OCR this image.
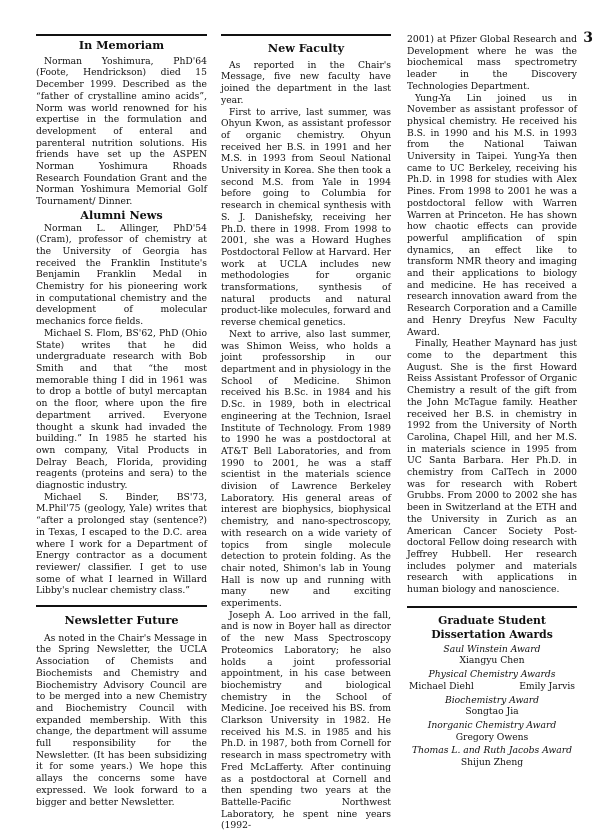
3
In Memoriam

Norman Yoshimura, PhD'64 (Foote, Hendrickson) died 15 December 1999. Described as the “father of crystalline amino acids”, Norm was world renowned for his expertise in the formulation and development of enteral and parenteral nutrition solutions. His friends have set up the ASPEN Norman Yoshimura Rhoads Research Foundation Grant and the Norman Yoshimura Memorial Golf Tournament/ Dinner.

Alumni News

Norman L. Allinger, PhD'54 (Cram), professor of chemistry at the University of Georgia has received the Franklin Institute's Benjamin Franklin Medal in Chemistry for his pioneering work in computational chemistry and the development of molecular mechanics force fields.

Michael S. Flom, BS'62, PhD (Ohio State) writes that he did undergraduate research with Bob Smith and that “the most memorable thing I did in 1961 was to drop a bottle of butyl mercaptan on the floor, where upon the fire department arrived. Everyone thought a skunk had invaded the building.” In 1985 he started his own company, Vital Products in Delray Beach, Florida, providing reagents (proteins and sera) to the diagnostic industry.

Michael S. Binder, BS'73, M.Phil'75 (geology, Yale) writes that “after a prolonged stay (sentence?) in Texas, I escaped to the D.C. area where I work for a Department of Energy contractor as a document reviewer/ classifier. I get to use some of what I learned in Willard Libby's nuclear chemistry class.”

Newsletter Future

As noted in the Chair's Message in the Spring Newsletter, the UCLA Association of Chemists and Biochemists and Chemistry and Biochemistry Advisory Council are to be merged into a new Chemistry and Biochemistry Council with expanded membership. With this change, the department will assume full responsibility for the Newsletter. (It has been subsidizing it for some years.) We hope this allays the concerns some have expressed. We look forward to a bigger and better Newsletter.

New Faculty

As reported in the Chair's Message, five new faculty have joined the department in the last year.

First to arrive, last summer, was Ohyun Kwon, as assistant professor of organic chemistry. Ohyun received her B.S. in 1991 and her M.S. in 1993 from Seoul National University in Korea. She then took a second M.S. from Yale in 1994 before going to Columbia for research in chemical synthesis with S. J. Danishefsky, receiving her Ph.D. there in 1998. From 1998 to 2001, she was a Howard Hughes Postdoctoral Fellow at Harvard. Her work at UCLA includes new methodologies for organic transformations, synthesis of natural products and natural product-like molecules, forward and reverse chemical genetics.

Next to arrive, also last summer, was Shimon Weiss, who holds a joint professorship in our department and in physiology in the School of Medicine. Shimon received his B.Sc. in 1984 and his D.Sc. in 1989, both in electrical engineering at the Technion, Israel Institute of Technology. From 1989 to 1990 he was a postdoctoral at AT&T Bell Laboratories, and from 1990 to 2001, he was a staff scientist in the materials science division of Lawrence Berkeley Laboratory. His general areas of interest are biophysics, biophysical chemistry, and nano-spectroscopy, with research on a wide variety of topics from single molecule detection to protein folding. As the chair noted, Shimon's lab in Young Hall is now up and running with many new and exciting experiments.

Joseph A. Loo arrived in the fall, and is now in Boyer hall as director of the new Mass Spectroscopy Proteomics Laboratory; he also holds a joint professorial appointment, in his case between biochemistry and biological chemistry in the School of Medicine. Joe received his BS. from Clarkson University in 1982. He received his M.S. in 1985 and his Ph.D. in 1987, both from Cornell for research in mass spectrometry with Fred McLafferty. After continuing as a postdoctoral at Cornell and then spending two years at the Battelle-Pacific Northwest Laboratory, he spent nine years (1992-

2001) at Pfizer Global Research and Development where he was the biochemical mass spectrometry leader in the Discovery Technologies Department.

Yung-Ya Lin joined us in November as assistant professor of physical chemistry. He received his B.S. in 1990 and his M.S. in 1993 from the National Taiwan University in Taipei. Yung-Ya then came to UC Berkeley, receiving his Ph.D. in 1998 for studies with Alex Pines. From 1998 to 2001 he was a postdoctoral fellow with Warren Warren at Princeton. He has shown how chaotic effects can provide powerful amplification of spin dynamics, an effect like to transform NMR theory and imaging and their applications to biology and medicine. He has received a research innovation award from the Research Corporation and a Camille and Henry Dreyfus New Faculty Award.

Finally, Heather Maynard has just come to the department this August. She is the first Howard Reiss Assistant Professor of Organic Chemistry a result of the gift from the John McTague family. Heather received her B.S. in chemistry in 1992 from the University of North Carolina, Chapel Hill, and her M.S. in materials science in 1995 from UC Santa Barbara. Her Ph.D. in chemistry from CalTech in 2000 was for research with Robert Grubbs. From 2000 to 2002 she has been in Switzerland at the ETH and the University in Zurich as an American Cancer Society Post-doctoral Fellow doing research with Jeffrey Hubbell. Her research includes polymer and materials research with applications in human biology and nanoscience.

Graduate Student
Dissertation Awards
Saul Winstein Award
Xiangyu Chen
Physical Chemistry Awards
Michael Diehl	Emily Jarvis
Biochemistry Award
Songtao Jia
Inorganic Chemistry Award
Gregory Owens
Thomas L. and Ruth Jacobs Award
Shijun Zheng
